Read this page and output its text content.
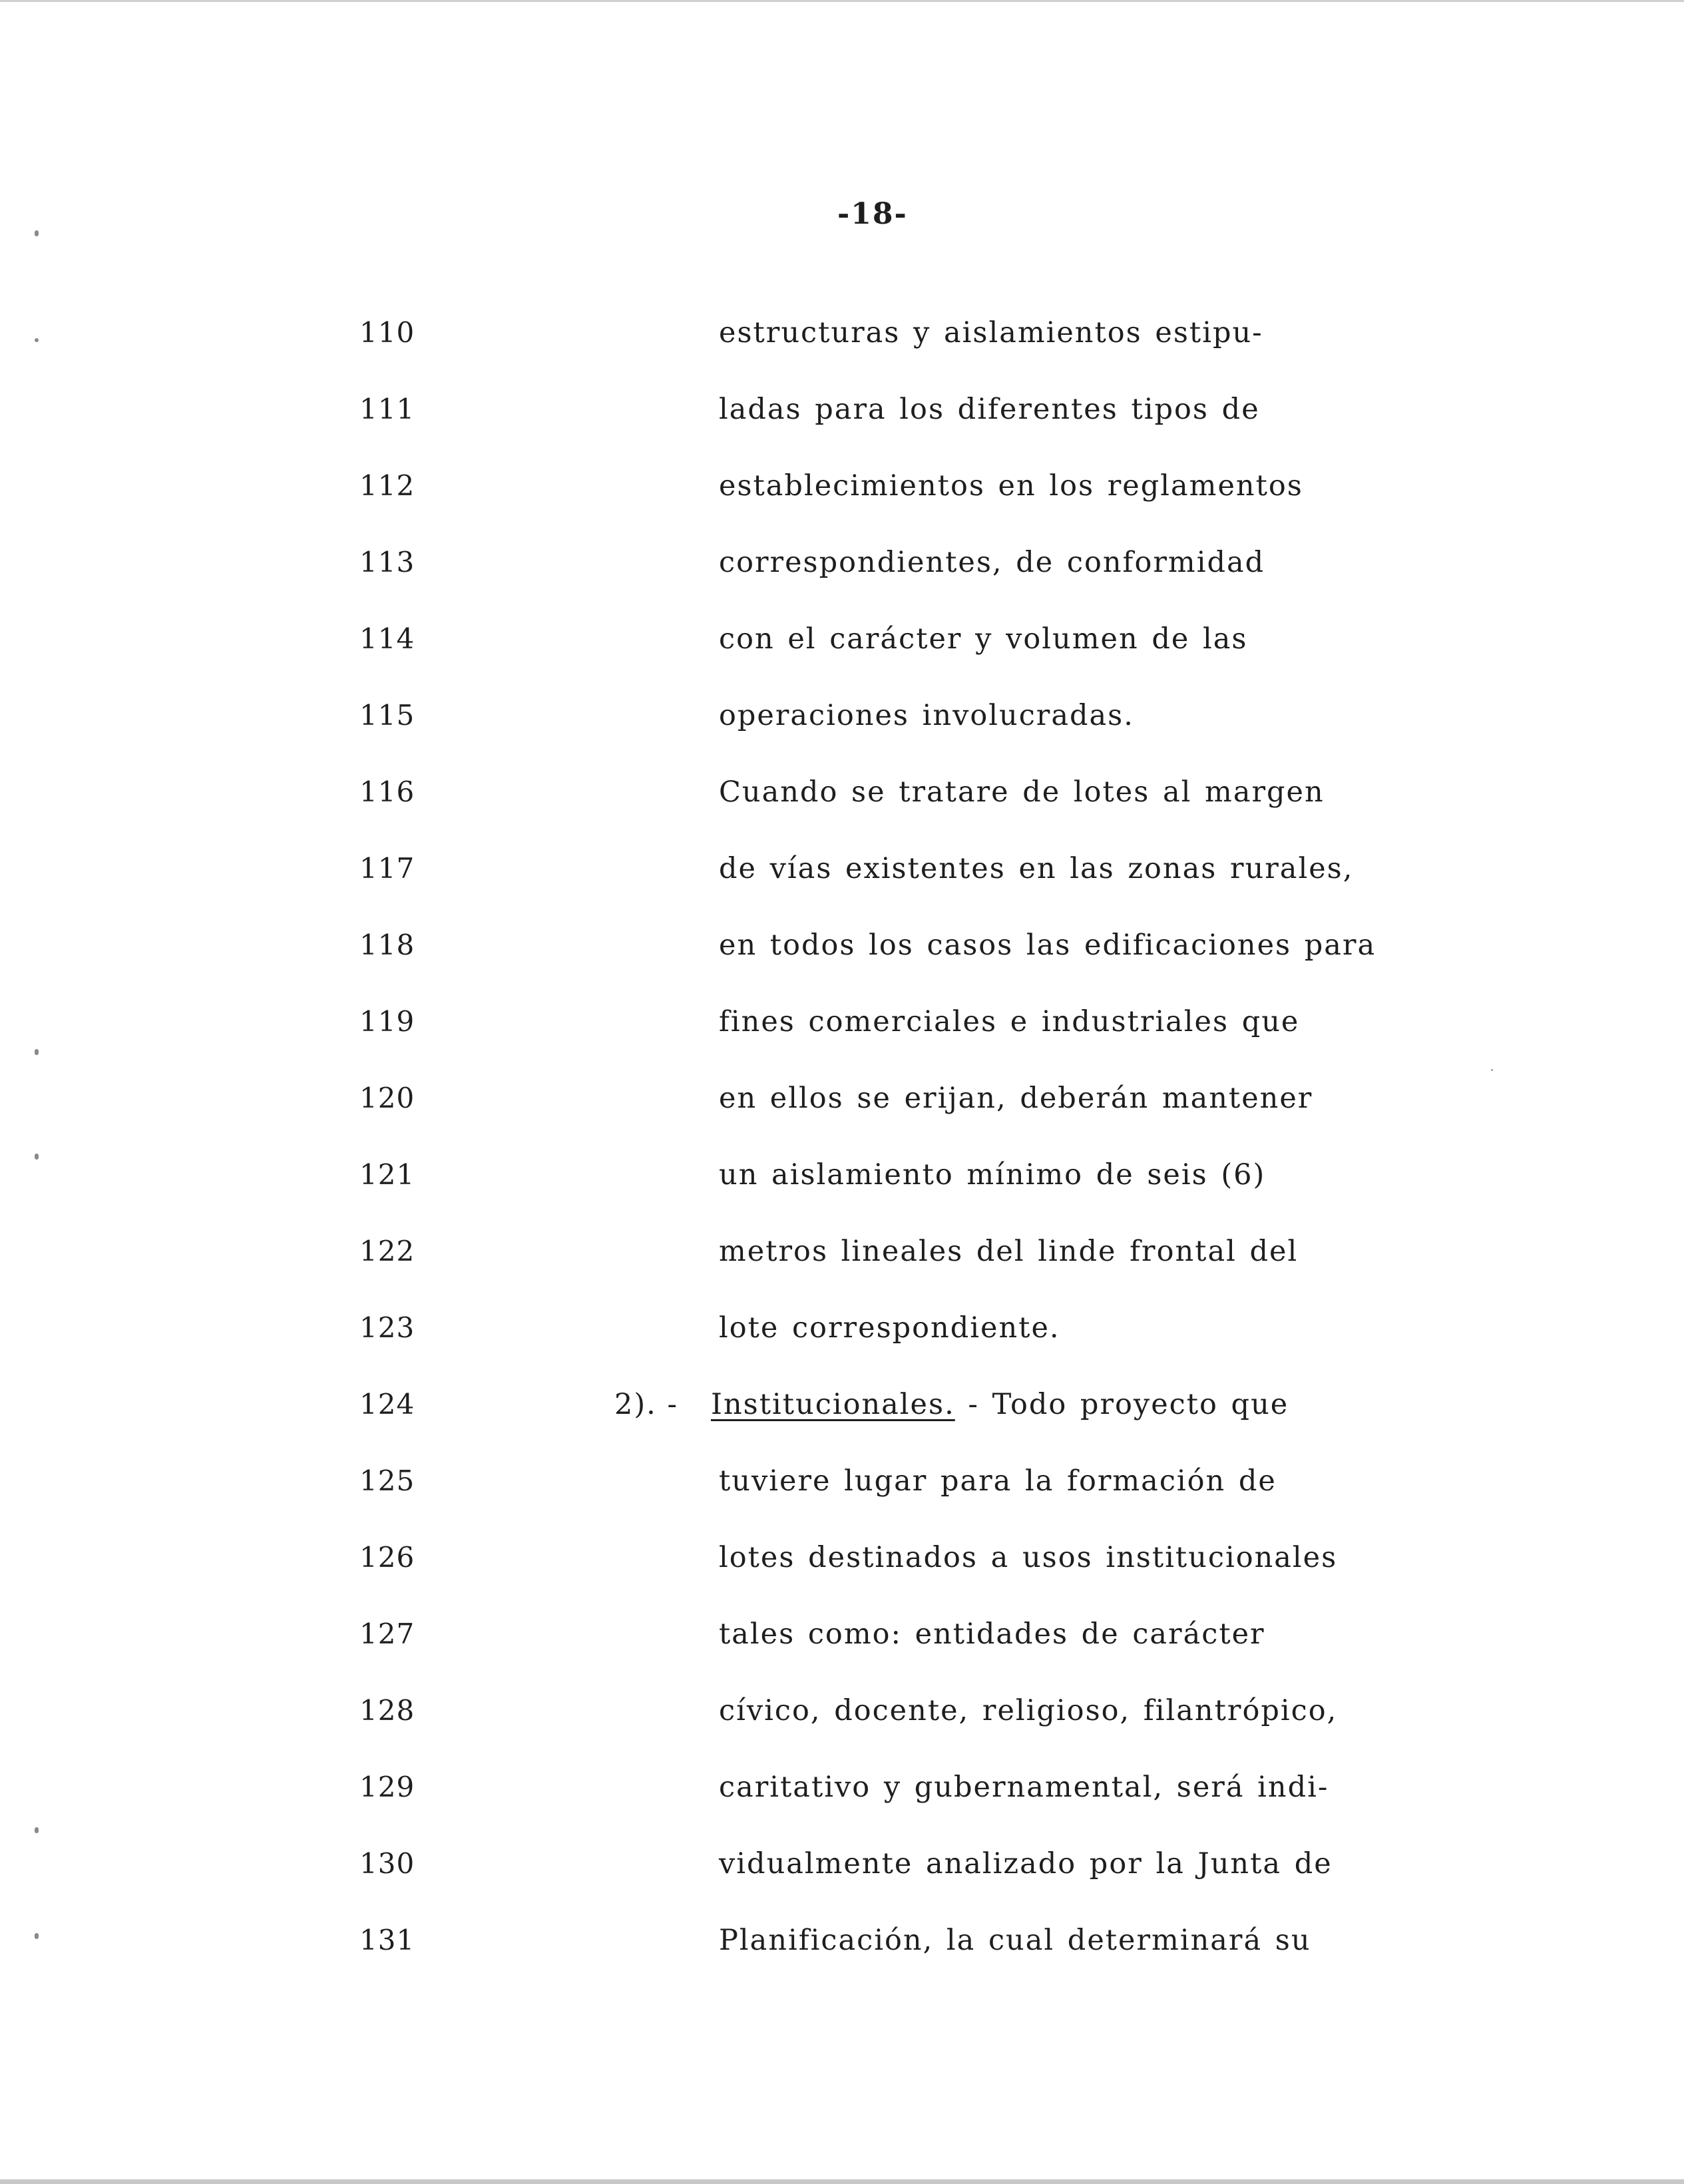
-18-
110	estructuras y aislamientos estipu-
111	ladas para los diferentes tipos de
112	establecimientos en los reglamentos
113	correspondientes, de conformidad
114	con el carácter y volumen de las
115	operaciones involucradas.
116	Cuando se tratare de lotes al margen
117	de vías existentes en las zonas rurales,
118	en todos los casos las edificaciones para
119	fines comerciales e industriales que
120	en ellos se erijan, deberán mantener
121	un aislamiento mínimo de seis (6)
122	metros lineales del linde frontal del
123	lote correspondiente.
124	2). - Institucionales. - Todo proyecto que
125	tuviere lugar para la formación de
126	lotes destinados a usos institucionales
127	tales como: entidades de carácter
128	cívico, docente, religioso, filantrópico,
129	caritativo y gubernamental, será indi-
130	vidualmente analizado por la Junta de
131	Planificación, la cual determinará su
